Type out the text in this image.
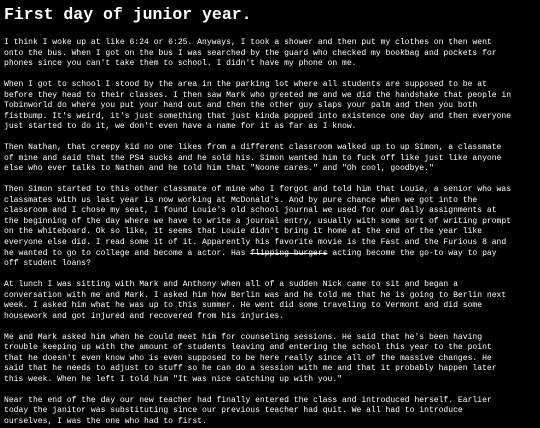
First day of junior year.
I think I woke up at like 6:24 or 6:25. Anyways, I took a shower and then put my clothes on then went
onto the bus. When I got on the bus I was searched by the guard who checked my bookbag and pockets for
phones since you can't take them to school. I didn't have my phone on me.
When I got to school I stood by the area in the parking lot where all students are supposed to be at
before they head to their classes. I then saw Mark who greeted me and we did the handshake that people in
Tobinworld do where you put your hand out and then the other guy slaps your palm and then you both
fistbump. It's weird, it's just something that just kinda popped into existence one day and then everyone
just started to do it, we don't even have a name for it as far as I know.
Then Nathan, that creepy kid no one likes from a different classroom walked up to up Simon, a classmate
of mine and said that the PS4 sucks and he sold his. Simon wanted him to fuck off like just like anyone
else who ever talks to Nathan and he told him that "Noone cares." and "Oh cool, goodbye."
Then Simon started to this other classmate of mine who I forgot and told him that Louie, a senior who was
classmates with us last year is now working at McDonald's. And by pure chance when we got into the
classroom and I chose my seat, I found Louie's old school journal we used for our daily assignments at
the beginning of the day where we have to write a journal entry, usually with some sort of writing prompt
on the whiteboard. Ok so like, it seems that Louie didn't bring it home at the end of the year like
everyone else did. I read some it of it. Apparently his favorite movie is the Fast and the Furious 8 and
he wanted to go to college and become a actor. Has flipping burgers acting become the go-to way to pay
off student loans?
At lunch I was sitting with Mark and Anthony when all of a sudden Nick came to sit and began a
conversation with me and Mark. I asked him how Berlin was and he told me that he is going to Berlin next
week. I asked him what he was up to this summer. He went did some traveling to Vermont and did some
housework and got injured and recovered from his injuries.
Me and Mark asked him when he could meet him for counseling sessions. He said that he's been having
trouble keeping up with the amount of students leaving and entering the school this year to the point
that he doesn't even know who is even supposed to be here really since all of the massive changes. He
said that he needs to adjust to stuff so he can do a session with me and that it probably happen later
this week. When he left I told him "It was nice catching up with you."
Near the end of the day our new teacher had finally entered the class and introduced herself. Earlier
today the janitor was substituting since our previous teacher had quit. We all had to introduce
ourselves, I was the one who had to first.
